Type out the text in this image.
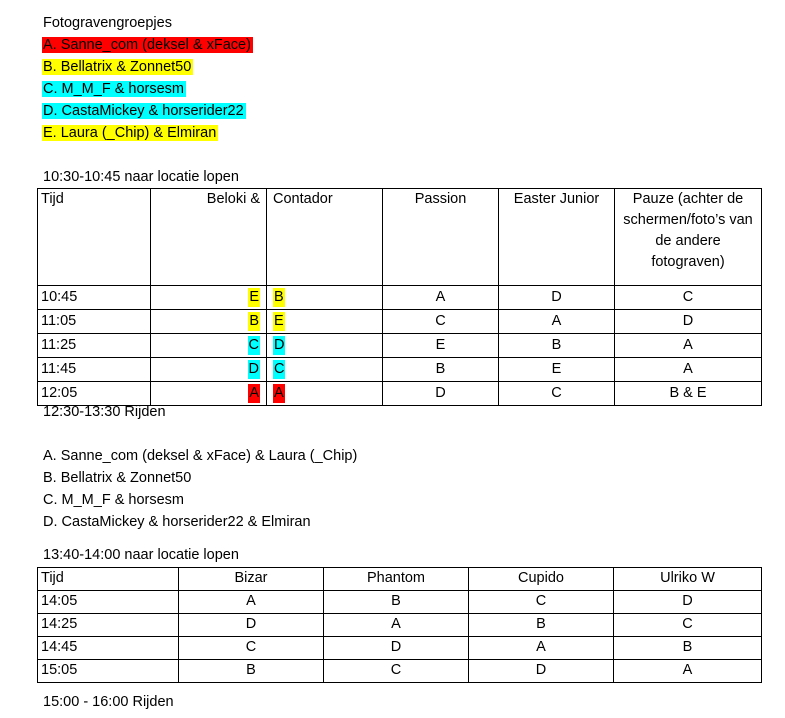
Fotogravengroepjes
A. Sanne_com (deksel & xFace)
B. Bellatrix & Zonnet50
C. M_M_F & horsesm
D. CastaMickey & horserider22
E. Laura (_Chip) & Elmiran
10:30-10:45 naar locatie lopen
Tijd	Beloki &	Contador	Passion	Easter Junior	Pauze (achter de schermen/foto’s van de andere fotograven)
10:45	E	B	A	D	C
11:05	B	E	C	A	D
11:25	C	D	E	B	A
11:45	D	C	B	E	A
12:05	A	A	D	C	B & E
12:30-13:30 Rijden
A. Sanne_com (deksel & xFace) & Laura (_Chip)
B. Bellatrix & Zonnet50
C. M_M_F & horsesm
D. CastaMickey & horserider22 & Elmiran
13:40-14:00 naar locatie lopen
Tijd	Bizar	Phantom	Cupido	Ulriko W
14:05	A	B	C	D
14:25	D	A	B	C
14:45	C	D	A	B
15:05	B	C	D	A
15:00 - 16:00 Rijden
